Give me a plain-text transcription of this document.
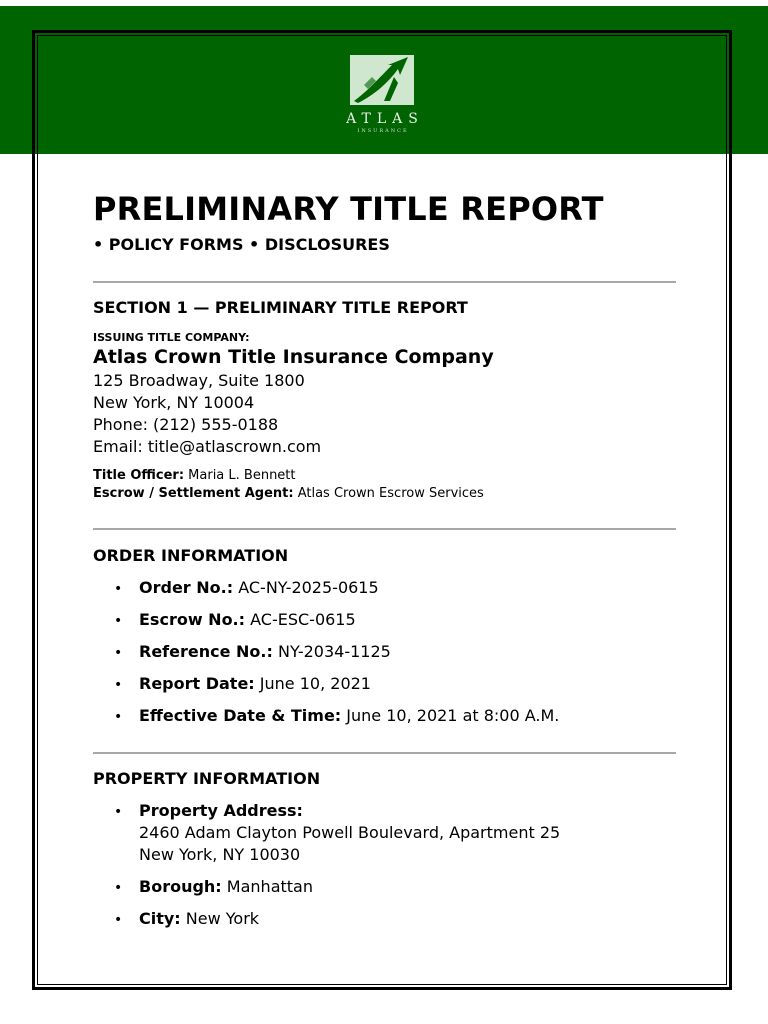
ATLAS
INSURANCE
PRELIMINARY TITLE REPORT
• POLICY FORMS • DISCLOSURES
SECTION 1 — PRELIMINARY TITLE REPORT
ISSUING TITLE COMPANY:
Atlas Crown Title Insurance Company
125 Broadway, Suite 1800
New York, NY 10004
Phone: (212) 555-0188
Email: title@atlascrown.com
Title Officer: Maria L. Bennett
Escrow / Settlement Agent: Atlas Crown Escrow Services
ORDER INFORMATION
• Order No.: AC-NY-2025-0615
• Escrow No.: AC-ESC-0615
• Reference No.: NY-2034-1125
• Report Date: June 10, 2021
• Effective Date & Time: June 10, 2021 at 8:00 A.M.
PROPERTY INFORMATION
• Property Address:
2460 Adam Clayton Powell Boulevard, Apartment 25
New York, NY 10030
• Borough: Manhattan
• City: New York
